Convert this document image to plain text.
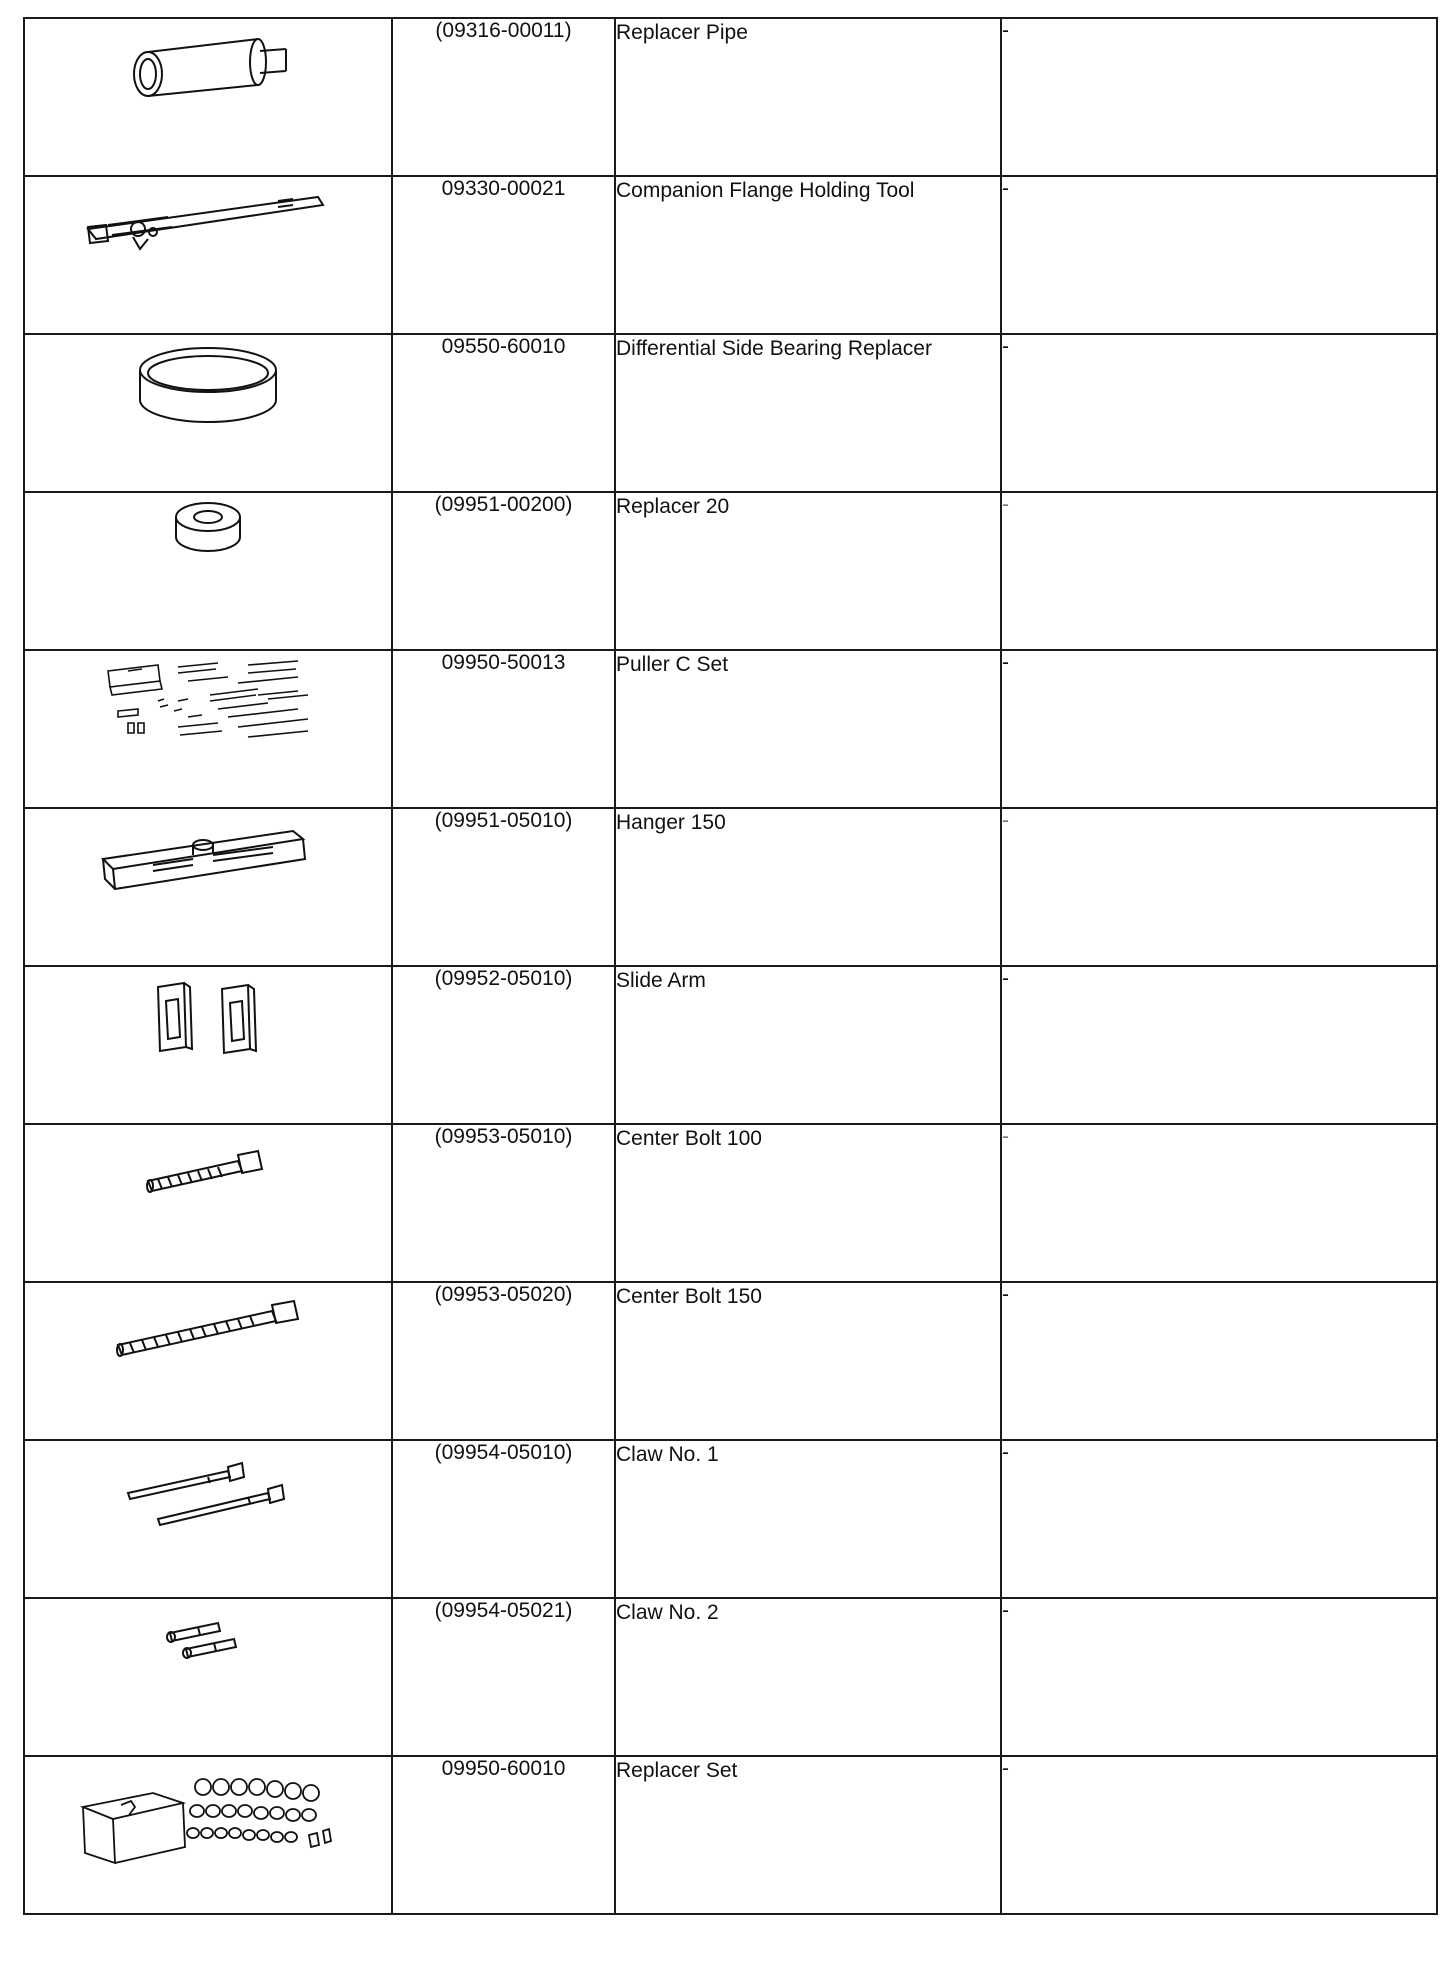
	(09316-00011)	Replacer Pipe	-

	09330-00021	Companion Flange Holding Tool	-

	09550-60010	Differential Side Bearing Replacer	-

	(09951-00200)	Replacer 20	-

	09950-50013	Puller C Set	-

	(09951-05010)	Hanger 150	-

	(09952-05010)	Slide Arm	-

	(09953-05010)	Center Bolt 100	-

	(09953-05020)	Center Bolt 150	-

	(09954-05010)	Claw No. 1	-

	(09954-05021)	Claw No. 2	-

	09950-60010	Replacer Set	-
